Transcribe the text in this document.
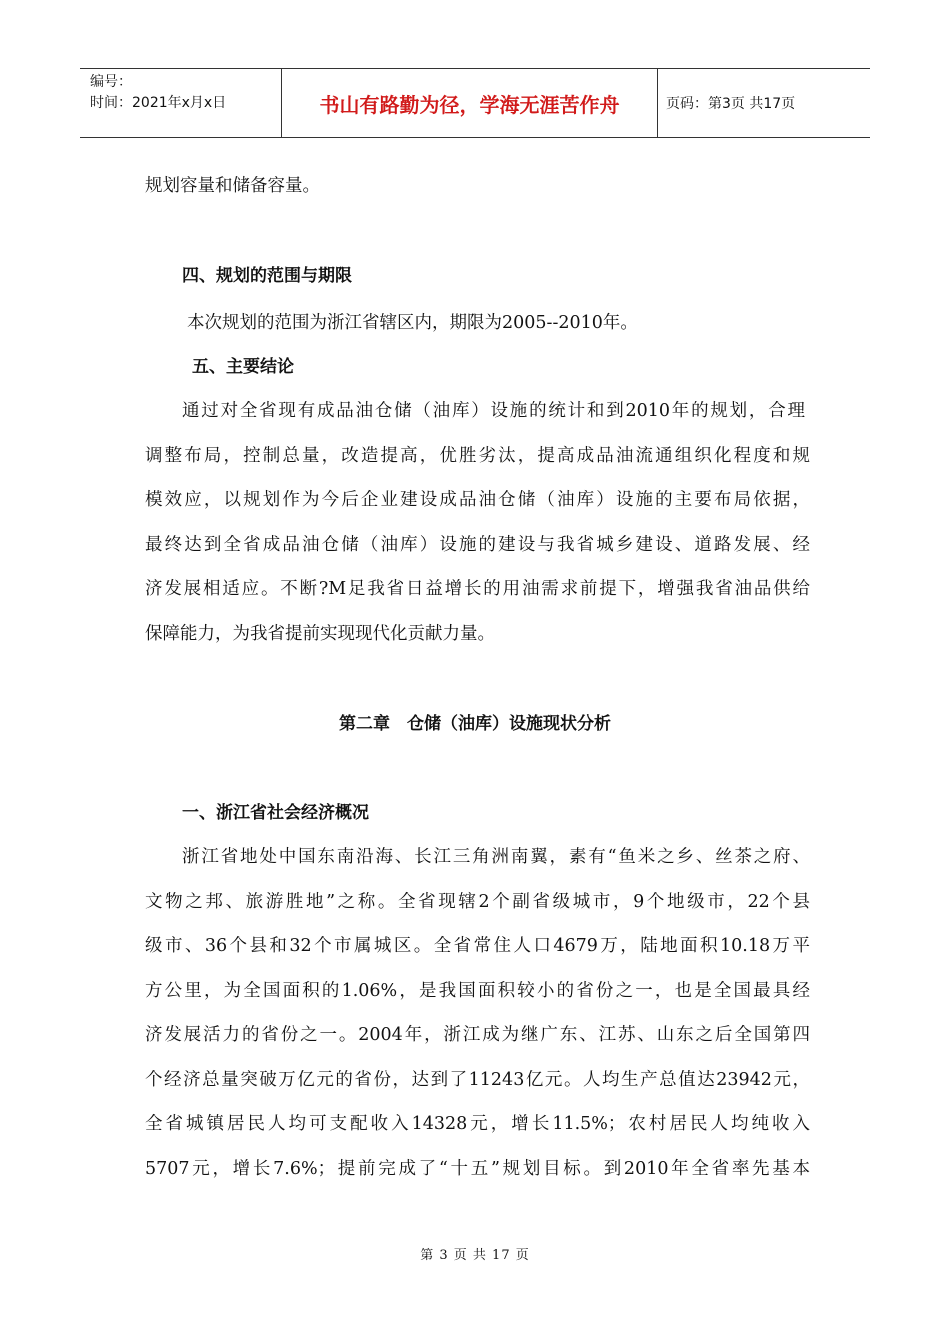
编号：
时间：2021年x月x日	书山有路勤为径，学海无涯苦作舟	页码：第3页 共17页
规划容量和储备容量。
四、规划的范围与期限
本次规划的范围为浙江省辖区内，期限为2005--2010年。
五、主要结论
通过对全省现有成品油仓储（油库）设施的统计和到2010年的规划，合理
调整布局，控制总量，改造提高，优胜劣汰，提高成品油流通组织化程度和规
模效应，以规划作为今后企业建设成品油仓储（油库）设施的主要布局依据，
最终达到全省成品油仓储（油库）设施的建设与我省城乡建设、道路发展、经
济发展相适应。不断?M足我省日益增长的用油需求前提下，增强我省油品供给
保障能力，为我省提前实现现代化贡献力量。
第二章　仓储（油库）设施现状分析
一、浙江省社会经济概况
浙江省地处中国东南沿海、长江三角洲南翼，素有“鱼米之乡、丝茶之府、
文物之邦、旅游胜地”之称。全省现辖2个副省级城市，9个地级市，22个县
级市、36个县和32个市属城区。全省常住人口4679万，陆地面积10.18万平
方公里，为全国面积的1.06%，是我国面积较小的省份之一，也是全国最具经
济发展活力的省份之一。2004年，浙江成为继广东、江苏、山东之后全国第四
个经济总量突破万亿元的省份，达到了11243亿元。人均生产总值达23942元，
全省城镇居民人均可支配收入14328元，增长11.5%；农村居民人均纯收入
5707元，增长7.6%；提前完成了“十五”规划目标。到2010年全省率先基本
第 3 页 共 17 页
